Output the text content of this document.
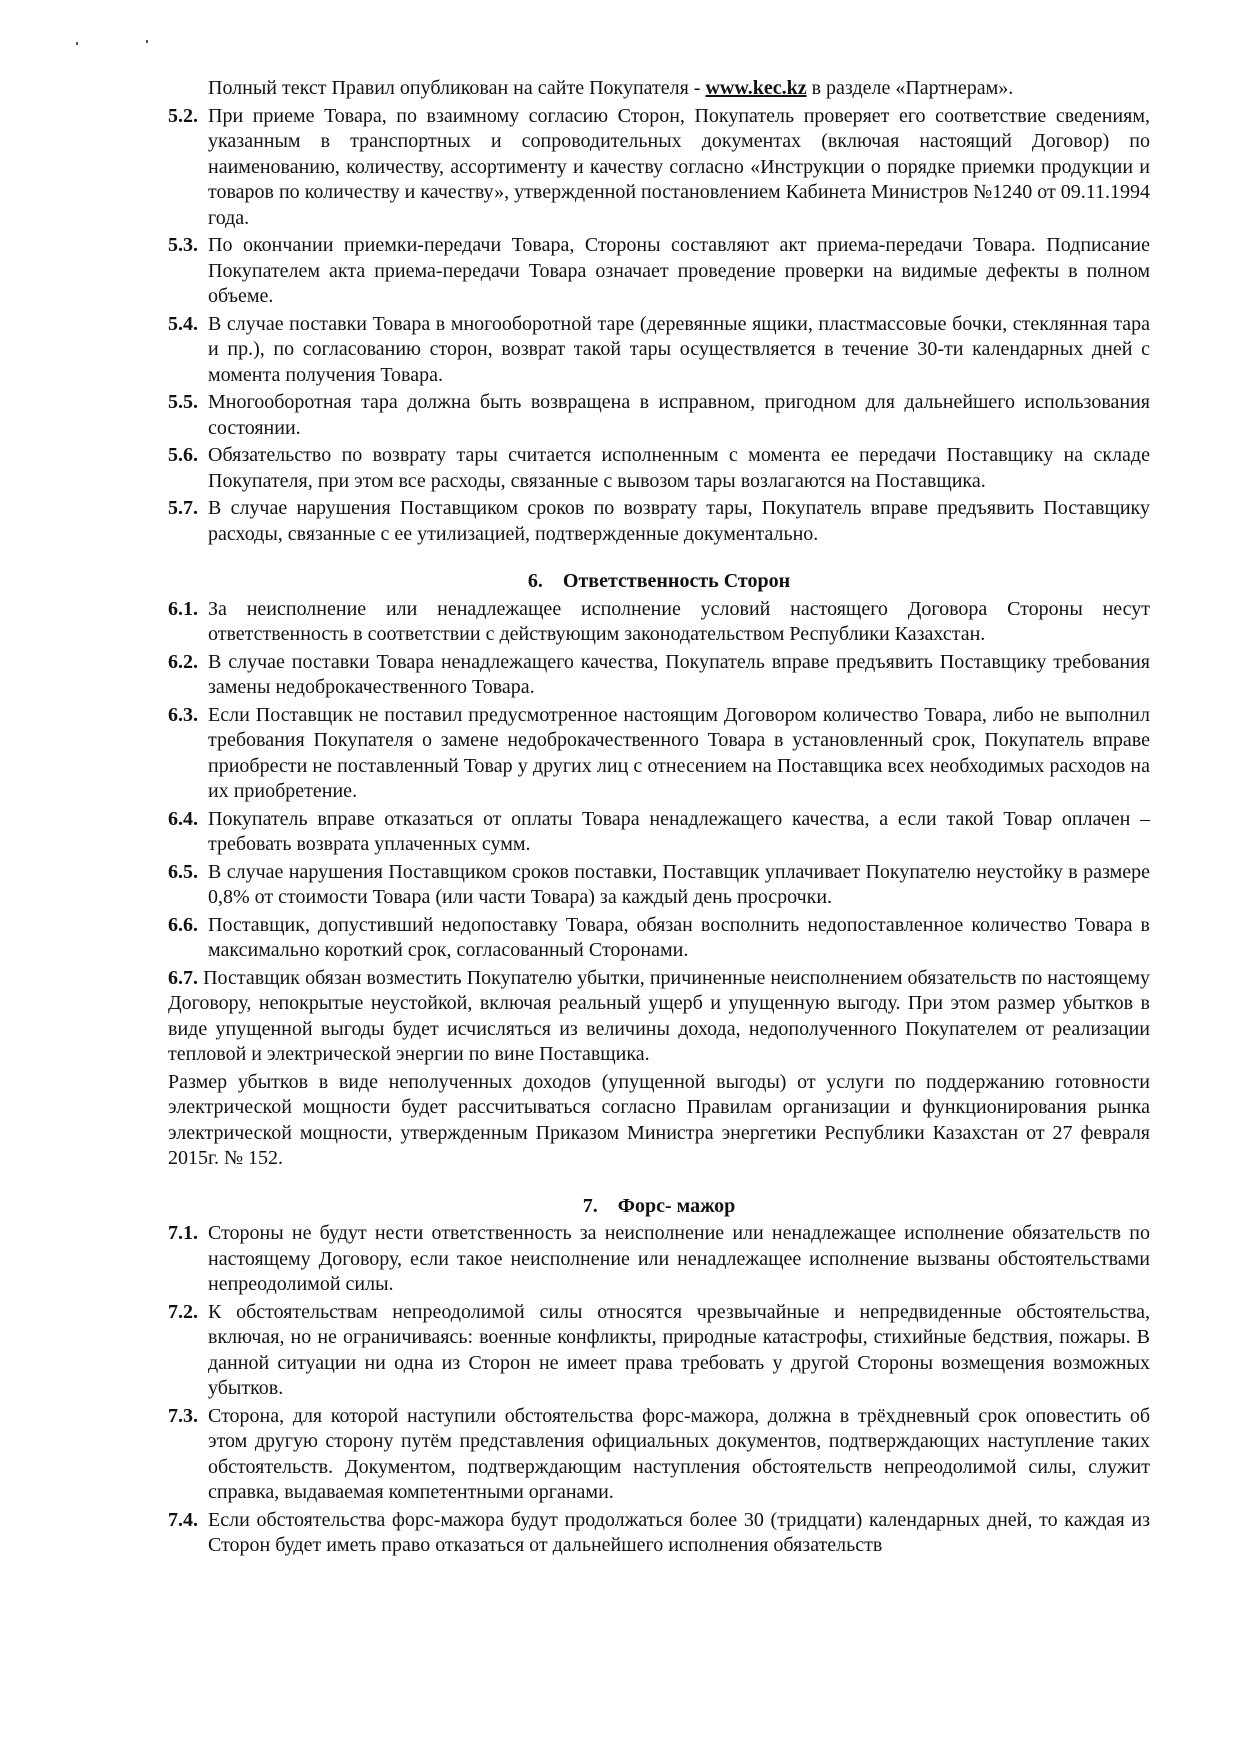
Полный текст Правил опубликован на сайте Покупателя - www.kec.kz в разделе «Партнерам».
5.2. При приеме Товара, по взаимному согласию Сторон, Покупатель проверяет его соответствие сведениям, указанным в транспортных и сопроводительных документах (включая настоящий Договор) по наименованию, количеству, ассортименту и качеству согласно «Инструкции о порядке приемки продукции и товаров по количеству и качеству», утвержденной постановлением Кабинета Министров №1240 от 09.11.1994 года.
5.3. По окончании приемки-передачи Товара, Стороны составляют акт приема-передачи Товара. Подписание Покупателем акта приема-передачи Товара означает проведение проверки на видимые дефекты в полном объеме.
5.4. В случае поставки Товара в многооборотной таре (деревянные ящики, пластмассовые бочки, стеклянная тара и пр.), по согласованию сторон, возврат такой тары осуществляется в течение 30-ти календарных дней с момента получения Товара.
5.5. Многооборотная тара должна быть возвращена в исправном, пригодном для дальнейшего использования состоянии.
5.6. Обязательство по возврату тары считается исполненным с момента ее передачи Поставщику на складе Покупателя, при этом все расходы, связанные с вывозом тары возлагаются на Поставщика.
5.7. В случае нарушения Поставщиком сроков по возврату тары, Покупатель вправе предъявить Поставщику расходы, связанные с ее утилизацией, подтвержденные документально.
6. Ответственность Сторон
6.1. За неисполнение или ненадлежащее исполнение условий настоящего Договора Стороны несут ответственность в соответствии с действующим законодательством Республики Казахстан.
6.2. В случае поставки Товара ненадлежащего качества, Покупатель вправе предъявить Поставщику требования замены недоброкачественного Товара.
6.3. Если Поставщик не поставил предусмотренное настоящим Договором количество Товара, либо не выполнил требования Покупателя о замене недоброкачественного Товара в установленный срок, Покупатель вправе приобрести не поставленный Товар у других лиц с отнесением на Поставщика всех необходимых расходов на их приобретение.
6.4. Покупатель вправе отказаться от оплаты Товара ненадлежащего качества, а если такой Товар оплачен – требовать возврата уплаченных сумм.
6.5. В случае нарушения Поставщиком сроков поставки, Поставщик уплачивает Покупателю неустойку в размере 0,8% от стоимости Товара (или части Товара) за каждый день просрочки.
6.6. Поставщик, допустивший недопоставку Товара, обязан восполнить недопоставленное количество Товара в максимально короткий срок, согласованный Сторонами.
6.7. Поставщик обязан возместить Покупателю убытки, причиненные неисполнением обязательств по настоящему Договору, непокрытые неустойкой, включая реальный ущерб и упущенную выгоду. При этом размер убытков в виде упущенной выгоды будет исчисляться из величины дохода, недополученного Покупателем от реализации тепловой и электрической энергии по вине Поставщика.
Размер убытков в виде неполученных доходов (упущенной выгоды) от услуги по поддержанию готовности электрической мощности будет рассчитываться согласно Правилам организации и функционирования рынка электрической мощности, утвержденным Приказом Министра энергетики Республики Казахстан от 27 февраля 2015г. № 152.
7. Форс- мажор
7.1. Стороны не будут нести ответственность за неисполнение или ненадлежащее исполнение обязательств по настоящему Договору, если такое неисполнение или ненадлежащее исполнение вызваны обстоятельствами непреодолимой силы.
7.2. К обстоятельствам непреодолимой силы относятся чрезвычайные и непредвиденные обстоятельства, включая, но не ограничиваясь: военные конфликты, природные катастрофы, стихийные бедствия, пожары. В данной ситуации ни одна из Сторон не имеет права требовать у другой Стороны возмещения возможных убытков.
7.3. Сторона, для которой наступили обстоятельства форс-мажора, должна в трёхдневный срок оповестить об этом другую сторону путём представления официальных документов, подтверждающих наступление таких обстоятельств. Документом, подтверждающим наступления обстоятельств непреодолимой силы, служит справка, выдаваемая компетентными органами.
7.4. Если обстоятельства форс-мажора будут продолжаться более 30 (тридцати) календарных дней, то каждая из Сторон будет иметь право отказаться от дальнейшего исполнения обязательств
